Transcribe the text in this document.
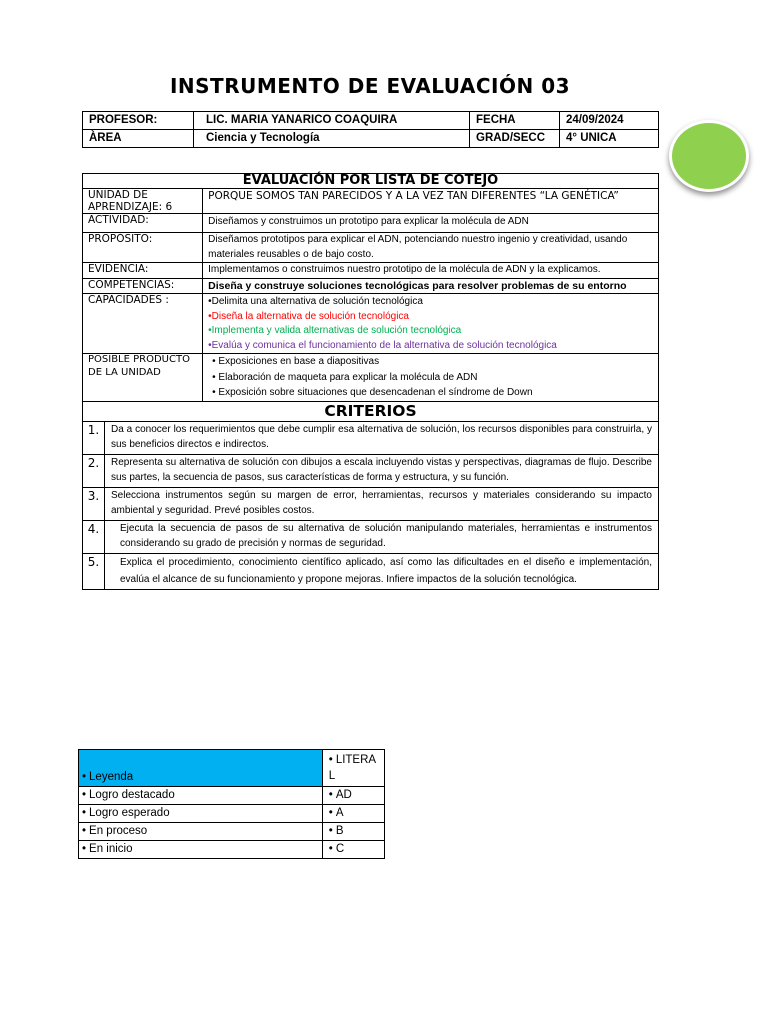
INSTRUMENTO DE EVALUACIÓN 03
PROFESOR:	LIC. MARIA YANARICO COAQUIRA	FECHA	24/09/2024
ÀREA	Ciencia y Tecnología	GRAD/SECC	4° UNICA
EVALUACIÓN POR LISTA DE COTEJO		
UNIDAD DE APRENDIZAJE: 6		PORQUE SOMOS TAN PARECIDOS Y A LA VEZ TAN DIFERENTES “LA GENÉTICA”
ACTIVIDAD:		Diseñamos y construimos un prototipo para explicar la molécula de ADN
PROPÓSITO:		Diseñamos prototipos para explicar el ADN, potenciando nuestro ingenio y creatividad, usando materiales reusables o de bajo costo.
EVIDENCIA:		Implementamos o construimos nuestro prototipo de la molécula de ADN y la explicamos.
COMPETENCIAS:		Diseña y construye soluciones tecnológicas para resolver problemas de su entorno
CAPACIDADES :		•Delimita una alternativa de solución tecnológica
•Diseña la alternativa de solución tecnológica
•Implementa y valida alternativas de solución tecnológica
•Evalúa y comunica el funcionamiento de la alternativa de solución tecnológica

POSIBLE PRODUCTO DE LA UNIDAD		• Exposiciones en base a diapositivas
• Elaboración de maqueta para explicar la molécula de ADN
• Exposición sobre situaciones que desencadenan el síndrome de Down

CRITERIOS		
1.	Da a conocer los requerimientos que debe cumplir esa alternativa de solución, los recursos disponibles para construirla, y sus beneficios directos e indirectos.	
2.	Representa su alternativa de solución con dibujos a escala incluyendo vistas y perspectivas, diagramas de flujo. Describe sus partes, la secuencia de pasos, sus características de forma y estructura, y su función.	
3.	Selecciona instrumentos según su margen de error, herramientas, recursos y materiales considerando su impacto ambiental y seguridad. Prevé posibles costos.	
4.	Ejecuta la secuencia de pasos de su alternativa de solución manipulando materiales, herramientas e instrumentos considerando su grado de precisión y normas de seguridad.	
5.	Explica el procedimiento, conocimiento científico aplicado, así como las dificultades en el diseño e implementación, evalúa el alcance de su funcionamiento y propone mejoras. Infiere impactos de la solución tecnológica.	
• Leyenda	• LITERAL
• Logro destacado	•AD
• Logro esperado	•A
• En proceso	•B
• En inicio	•C
